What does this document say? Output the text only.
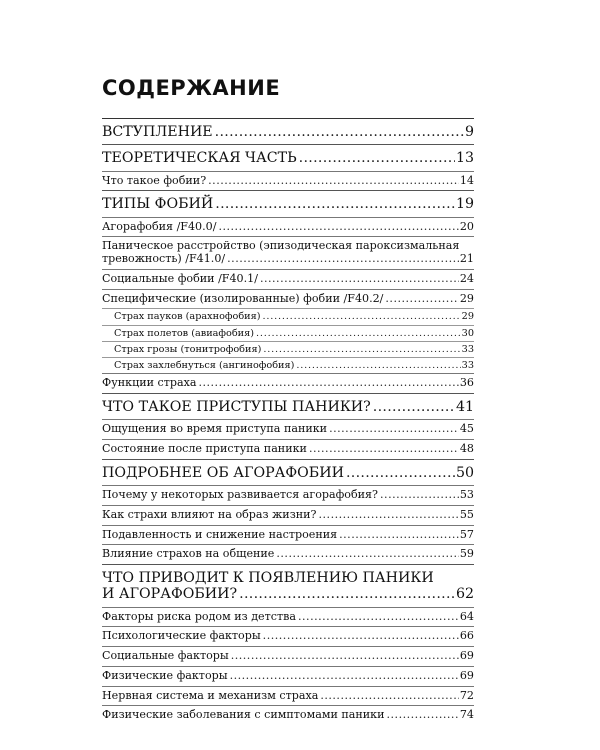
СОДЕРЖАНИЕ
ВСТУПЛЕНИЕ .....	9
ТЕОРЕТИЧЕСКАЯ ЧАСТЬ .....	13
Что такое фобии? .....	14
ТИПЫ ФОБИЙ .....	19
Агорафобия /F40.0/ .....	20
Паническое расстройство (эпизодическая пароксизмальная
тревожность) /F41.0/ .....	21
Социальные фобии /F40.1/ .....	24
Специфические (изолированные) фобии /F40.2/ .....	29
Страх пауков (арахнофобия) .....	29
Страх полетов (авиафобия) .....	30
Страх грозы (тонитрофобия) .....	33
Страх захлебнуться (ангинофобия) .....	33
Функции страха .....	36
ЧТО ТАКОЕ ПРИСТУПЫ ПАНИКИ? .....	41
Ощущения во время приступа паники .....	45
Состояние после приступа паники .....	48
ПОДРОБНЕЕ ОБ АГОРАФОБИИ .....	50
Почему у некоторых развивается агорафобия? .....	53
Как страхи влияют на образ жизни? .....	55
Подавленность и снижение настроения .....	57
Влияние страхов на общение .....	59
ЧТО ПРИВОДИТ К ПОЯВЛЕНИЮ ПАНИКИ
И АГОРАФОБИИ? .....	62
Факторы риска родом из детства .....	64
Психологические факторы .....	66
Социальные факторы .....	69
Физические факторы .....	69
Нервная система и механизм страха .....	72
Физические заболевания с симптомами паники .....	74
